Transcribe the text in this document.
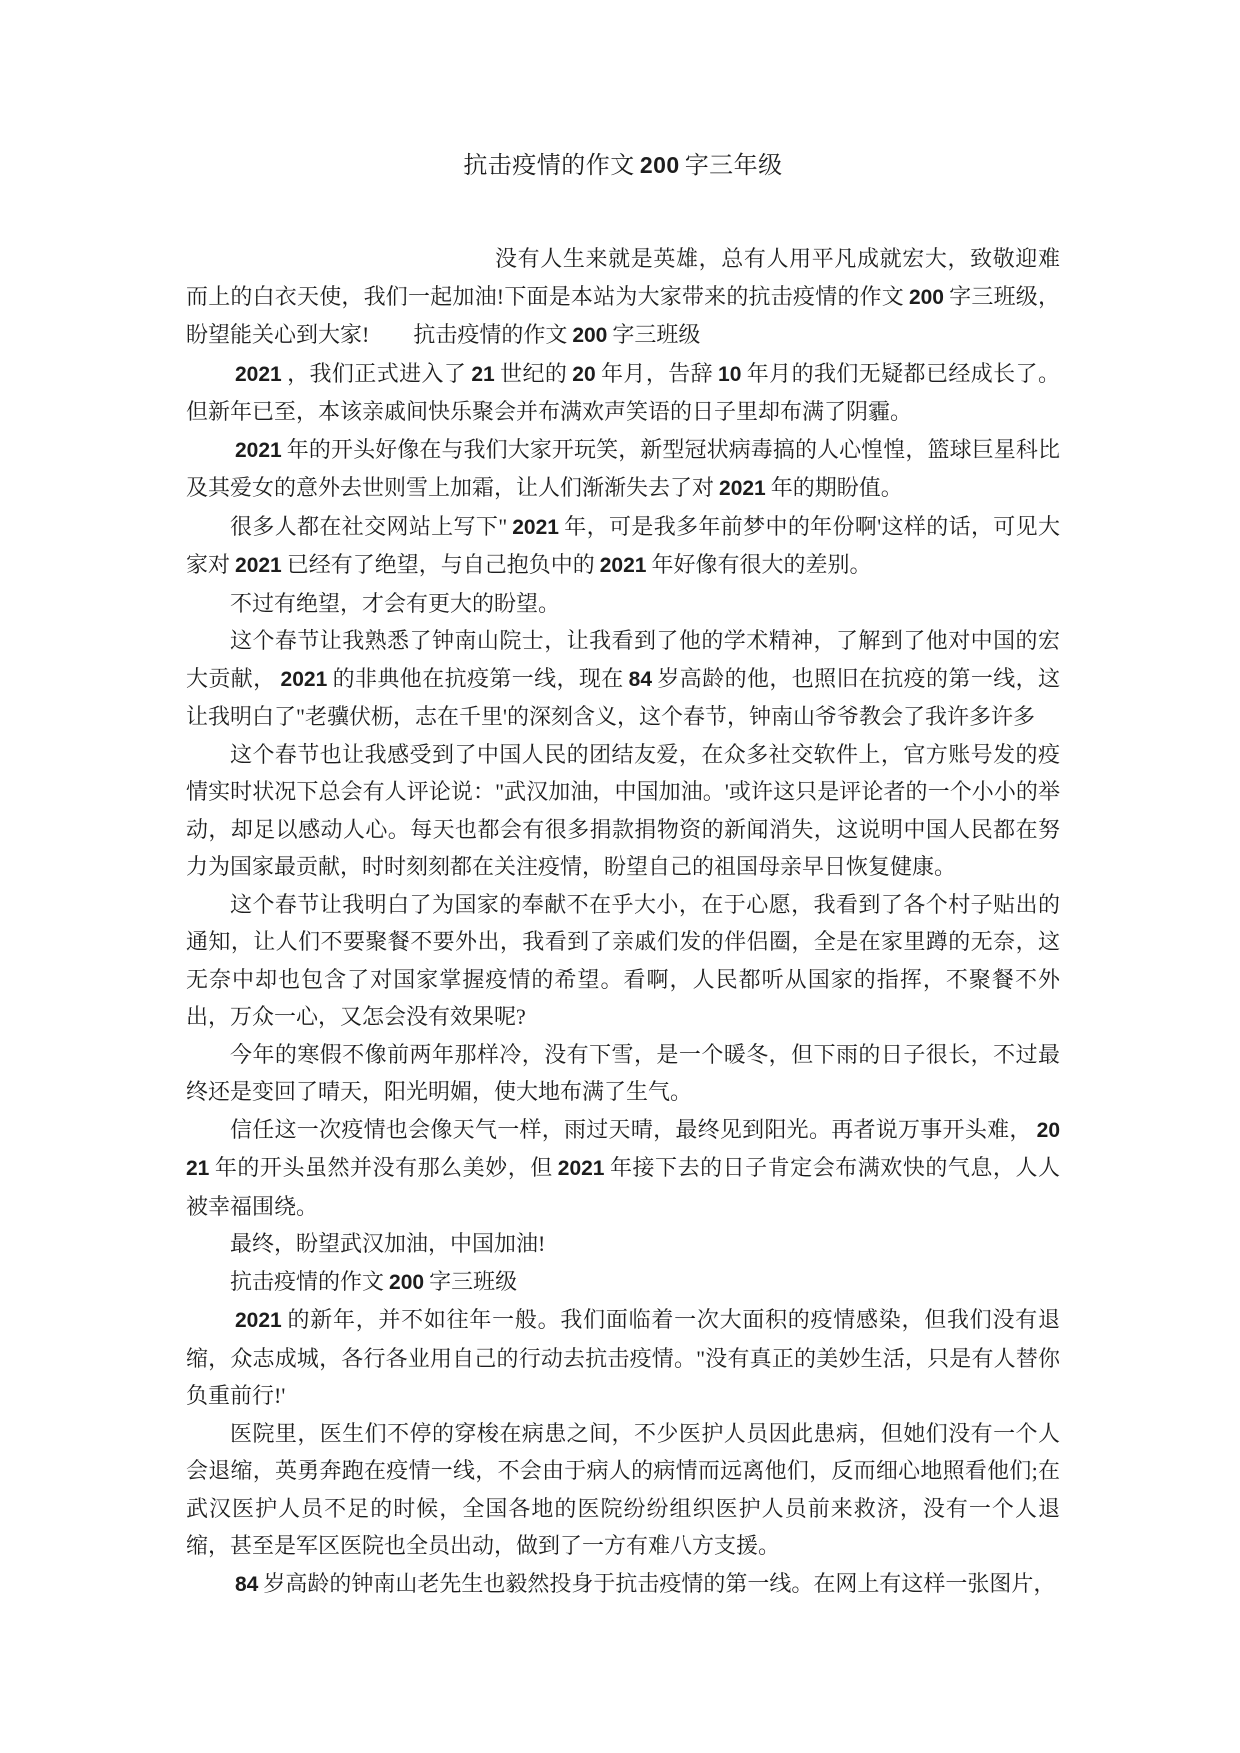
抗击疫情的作文 200 字三年级

没有人生来就是英雄，总有人用平凡成就宏大，致敬迎难而上的白衣天使，我们一起加油!下面是本站为大家带来的抗击疫情的作文 200 字三班级，盼望能关心到大家!　　抗击疫情的作文 200 字三班级

2021 ，我们正式进入了 21 世纪的 20 年月，告辞 10 年月的我们无疑都已经成长了。但新年已至，本该亲戚间快乐聚会并布满欢声笑语的日子里却布满了阴霾。

2021 年的开头好像在与我们大家开玩笑，新型冠状病毒搞的人心惶惶，篮球巨星科比及其爱女的意外去世则雪上加霜，让人们渐渐失去了对 2021 年的期盼值。

很多人都在社交网站上写下" 2021 年，可是我多年前梦中的年份啊'这样的话，可见大家对 2021 已经有了绝望，与自己抱负中的 2021 年好像有很大的差别。

不过有绝望，才会有更大的盼望。

这个春节让我熟悉了钟南山院士，让我看到了他的学术精神，了解到了他对中国的宏大贡献， 2021 的非典他在抗疫第一线，现在 84 岁高龄的他，也照旧在抗疫的第一线，这让我明白了"老骥伏枥，志在千里'的深刻含义，这个春节，钟南山爷爷教会了我许多许多

这个春节也让我感受到了中国人民的团结友爱，在众多社交软件上，官方账号发的疫情实时状况下总会有人评论说："武汉加油，中国加油。'或许这只是评论者的一个小小的举动，却足以感动人心。每天也都会有很多捐款捐物资的新闻消失，这说明中国人民都在努力为国家最贡献，时时刻刻都在关注疫情，盼望自己的祖国母亲早日恢复健康。

这个春节让我明白了为国家的奉献不在乎大小，在于心愿，我看到了各个村子贴出的通知，让人们不要聚餐不要外出，我看到了亲戚们发的伴侣圈，全是在家里蹲的无奈，这无奈中却也包含了对国家掌握疫情的希望。看啊，人民都听从国家的指挥，不聚餐不外出，万众一心，又怎会没有效果呢?

今年的寒假不像前两年那样冷，没有下雪，是一个暖冬，但下雨的日子很长，不过最终还是变回了晴天，阳光明媚，使大地布满了生气。

信任这一次疫情也会像天气一样，雨过天晴，最终见到阳光。再者说万事开头难， 2021 年的开头虽然并没有那么美妙，但 2021 年接下去的日子肯定会布满欢快的气息，人人被幸福围绕。

最终，盼望武汉加油，中国加油!

抗击疫情的作文 200 字三班级

2021 的新年，并不如往年一般。我们面临着一次大面积的疫情感染，但我们没有退缩，众志成城，各行各业用自己的行动去抗击疫情。"没有真正的美妙生活，只是有人替你负重前行!'

医院里，医生们不停的穿梭在病患之间，不少医护人员因此患病，但她们没有一个人会退缩，英勇奔跑在疫情一线，不会由于病人的病情而远离他们，反而细心地照看他们;在武汉医护人员不足的时候，全国各地的医院纷纷组织医护人员前来救济，没有一个人退缩，甚至是军区医院也全员出动，做到了一方有难八方支援。

84 岁高龄的钟南山老先生也毅然投身于抗击疫情的第一线。在网上有这样一张图片，
